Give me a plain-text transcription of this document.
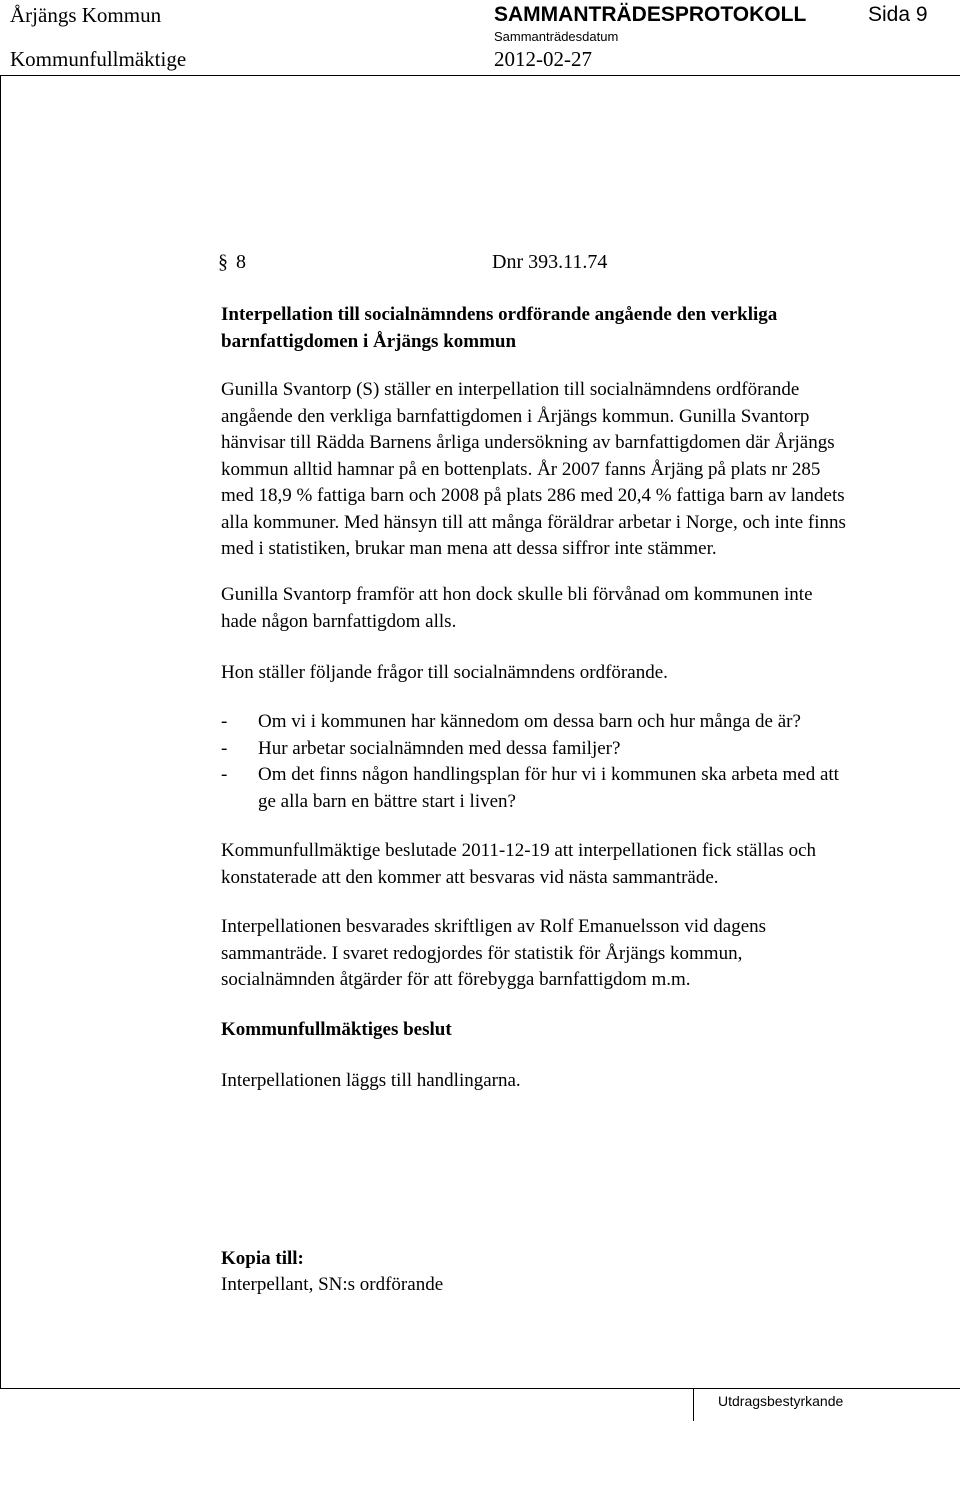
Årjängs Kommun	SAMMANTRÄDESPROTOKOLL	Sida 9
Sammanträdesdatum
Kommunfullmäktige	2012-02-27
Utdragsbestyrkande
§ 8	Dnr 393.11.74
Interpellation till socialnämndens ordförande angående den verkliga
barnfattigdomen i Årjängs kommun
Gunilla Svantorp (S) ställer en interpellation till socialnämndens ordförande
angående den verkliga barnfattigdomen i Årjängs kommun. Gunilla Svantorp
hänvisar till Rädda Barnens årliga undersökning av barnfattigdomen där Årjängs
kommun alltid hamnar på en bottenplats. År 2007 fanns Årjäng på plats nr 285
med 18,9 % fattiga barn och 2008 på plats 286 med 20,4 % fattiga barn av landets
alla kommuner. Med hänsyn till att många föräldrar arbetar i Norge, och inte finns
med i statistiken, brukar man mena att dessa siffror inte stämmer.
Gunilla Svantorp framför att hon dock skulle bli förvånad om kommunen inte
hade någon barnfattigdom alls.
Hon ställer följande frågor till socialnämndens ordförande.
- Om vi i kommunen har kännedom om dessa barn och hur många de är?
- Hur arbetar socialnämnden med dessa familjer?
- Om det finns någon handlingsplan för hur vi i kommunen ska arbeta med att
ge alla barn en bättre start i liven?
Kommunfullmäktige beslutade 2011-12-19 att interpellationen fick ställas och
konstaterade att den kommer att besvaras vid nästa sammanträde.
Interpellationen besvarades skriftligen av Rolf Emanuelsson vid dagens
sammanträde. I svaret redogjordes för statistik för Årjängs kommun,
socialnämnden åtgärder för att förebygga barnfattigdom m.m.
Kommunfullmäktiges beslut
Interpellationen läggs till handlingarna.
Kopia till:
Interpellant, SN:s ordförande
